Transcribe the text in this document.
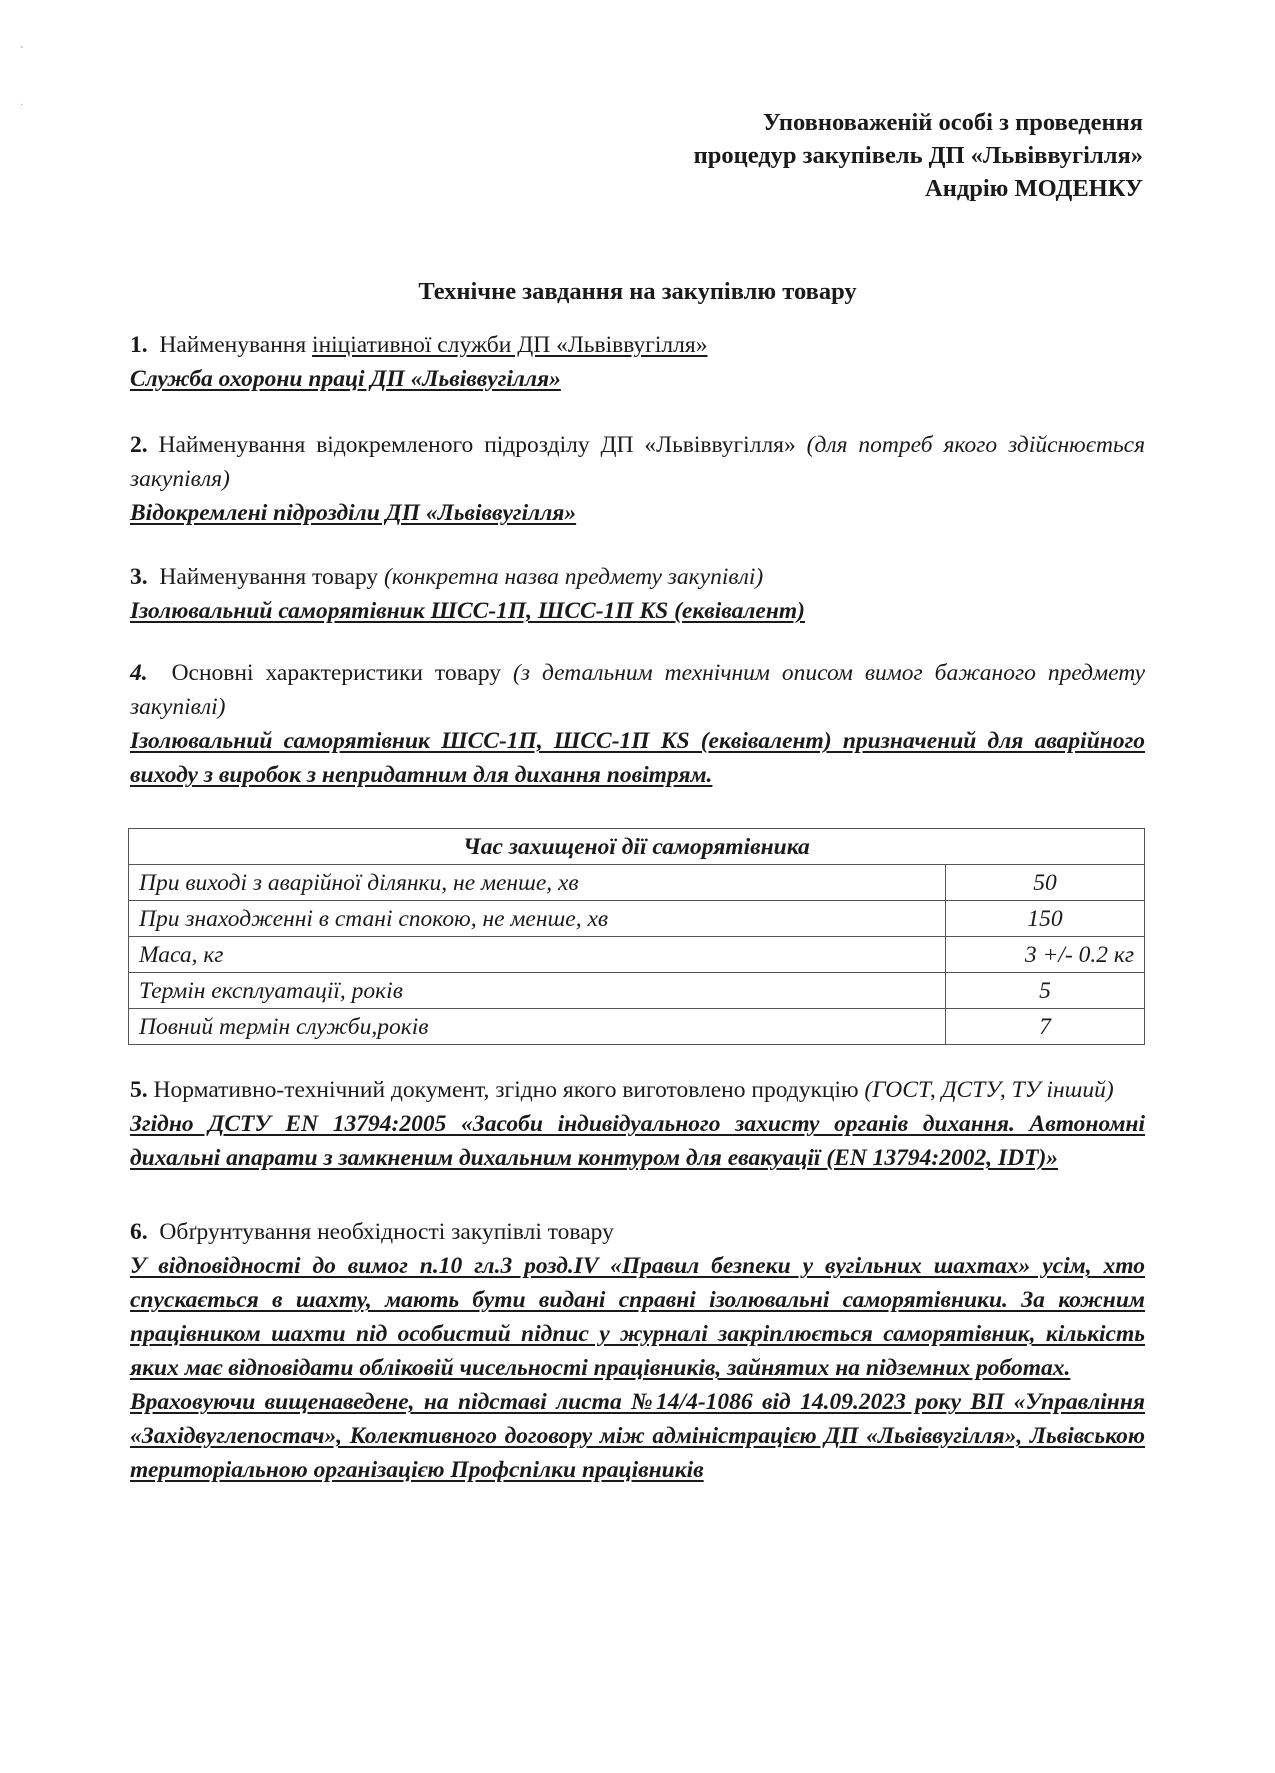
◦
·
Уповноваженій особі з проведення
процедур закупівель ДП «Львіввугілля»
Андрію МОДЕНКУ
Технічне завдання на закупівлю товару

1. Найменування ініціативної служби ДП «Львіввугілля»

Служба охорони праці ДП «Львіввугілля»

2. Найменування відокремленого підрозділу ДП «Львіввугілля» (для потреб якого здійснюється закупівля)

Відокремлені підрозділи ДП «Львіввугілля»

3. Найменування товару (конкретна назва предмету закупівлі)

Ізолювальний саморятівник ШСС-1П, ШСС-1П KS (еквівалент)

4. Основні характеристики товару (з детальним технічним описом вимог бажаного предмету закупівлі)

Ізолювальний саморятівник ШСС-1П, ШСС-1П KS (еквівалент) призначений для аварійного виходу з виробок з непридатним для дихання повітрям.

Час захищеної дії саморятівника	
При виході з аварійної ділянки, не менше, хв	50
При знаходженні в стані спокою, не менше, хв	150
Маса, кг	3 +/- 0.2 кг
Термін експлуатації, років	5
Повний термін служби,років	7

5. Нормативно-технічний документ, згідно якого виготовлено продукцію (ГОСТ, ДСТУ, ТУ інший)

Згідно ДСТУ EN 13794:2005 «Засоби індивідуального захисту органів дихання. Автономні дихальні апарати з замкненим дихальним контуром для евакуації (EN 13794:2002, IDT)»

6. Обґрунтування необхідності закупівлі товару

У відповідності до вимог п.10 гл.3 розд.IV «Правил безпеки у вугільних шахтах» усім, хто спускається в шахту, мають бути видані справні ізолювальні саморятівники. За кожним працівником шахти під особистий підпис у журналі закріплюється саморятівник, кількість яких має відповідати обліковій чисельності працівників, зайнятих на підземних роботах.

Враховуючи вищенаведене, на підставі листа №14/4-1086 від 14.09.2023 року ВП «Управління «Західвуглепостач», Колективного договору між адміністрацією ДП «Львіввугілля», Львівською територіальною організацією Профспілки працівників
